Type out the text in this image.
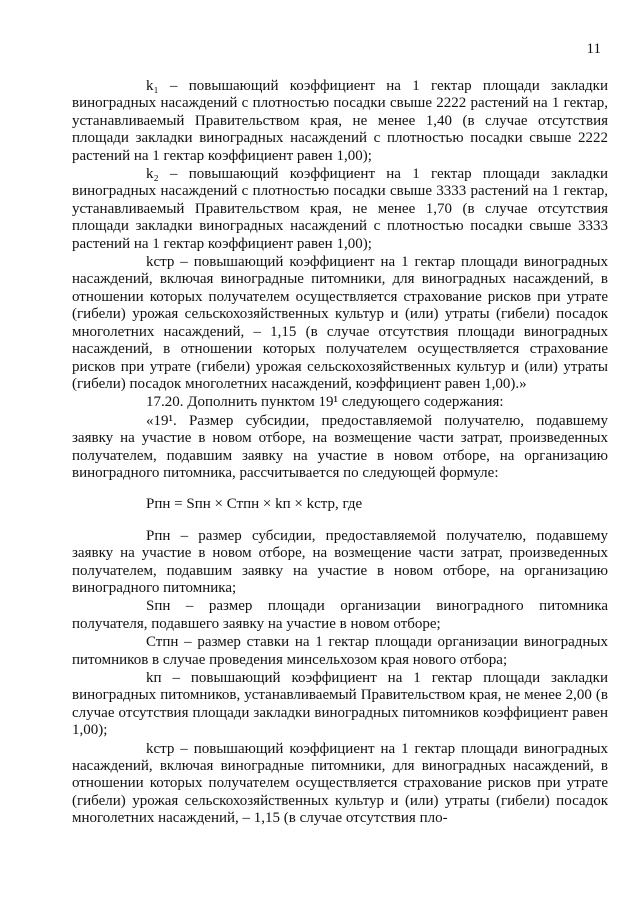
11

k₁ – повышающий коэффициент на 1 гектар площади закладки виноградных насаждений с плотностью посадки свыше 2222 растений на 1 гектар, устанавливаемый Правительством края, не менее 1,40 (в случае отсутствия площади закладки виноградных насаждений с плотностью посадки свыше 2222 растений на 1 гектар коэффициент равен 1,00);

k₂ – повышающий коэффициент на 1 гектар площади закладки виноградных насаждений с плотностью посадки свыше 3333 растений на 1 гектар, устанавливаемый Правительством края, не менее 1,70 (в случае отсутствия площади закладки виноградных насаждений с плотностью посадки свыше 3333 растений на 1 гектар коэффициент равен 1,00);

kстр – повышающий коэффициент на 1 гектар площади виноградных насаждений, включая виноградные питомники, для виноградных насаждений, в отношении которых получателем осуществляется страхование рисков при утрате (гибели) урожая сельскохозяйственных культур и (или) утраты (гибели) посадок многолетних насаждений, – 1,15 (в случае отсутствия площади виноградных насаждений, в отношении которых получателем осуществляется страхование рисков при утрате (гибели) урожая сельскохозяйственных культур и (или) утраты (гибели) посадок многолетних насаждений, коэффициент равен 1,00).»

17.20. Дополнить пунктом 19¹ следующего содержания:

«19¹. Размер субсидии, предоставляемой получателю, подавшему заявку на участие в новом отборе, на возмещение части затрат, произведенных получателем, подавшим заявку на участие в новом отборе, на организацию виноградного питомника, рассчитывается по следующей формуле:

Pпн = Sпн × Стпн × kп × kстр, где

Pпн – размер субсидии, предоставляемой получателю, подавшему заявку на участие в новом отборе, на возмещение части затрат, произведенных получателем, подавшим заявку на участие в новом отборе, на организацию виноградного питомника;

Sпн – размер площади организации виноградного питомника получателя, подавшего заявку на участие в новом отборе;

Стпн – размер ставки на 1 гектар площади организации виноградных питомников в случае проведения минсельхозом края нового отбора;

kп – повышающий коэффициент на 1 гектар площади закладки виноградных питомников, устанавливаемый Правительством края, не менее 2,00 (в случае отсутствия площади закладки виноградных питомников коэффициент равен 1,00);

kстр – повышающий коэффициент на 1 гектар площади виноградных насаждений, включая виноградные питомники, для виноградных насаждений, в отношении которых получателем осуществляется страхование рисков при утрате (гибели) урожая сельскохозяйственных культур и (или) утраты (гибели) посадок многолетних насаждений, – 1,15 (в случае отсутствия пло-
